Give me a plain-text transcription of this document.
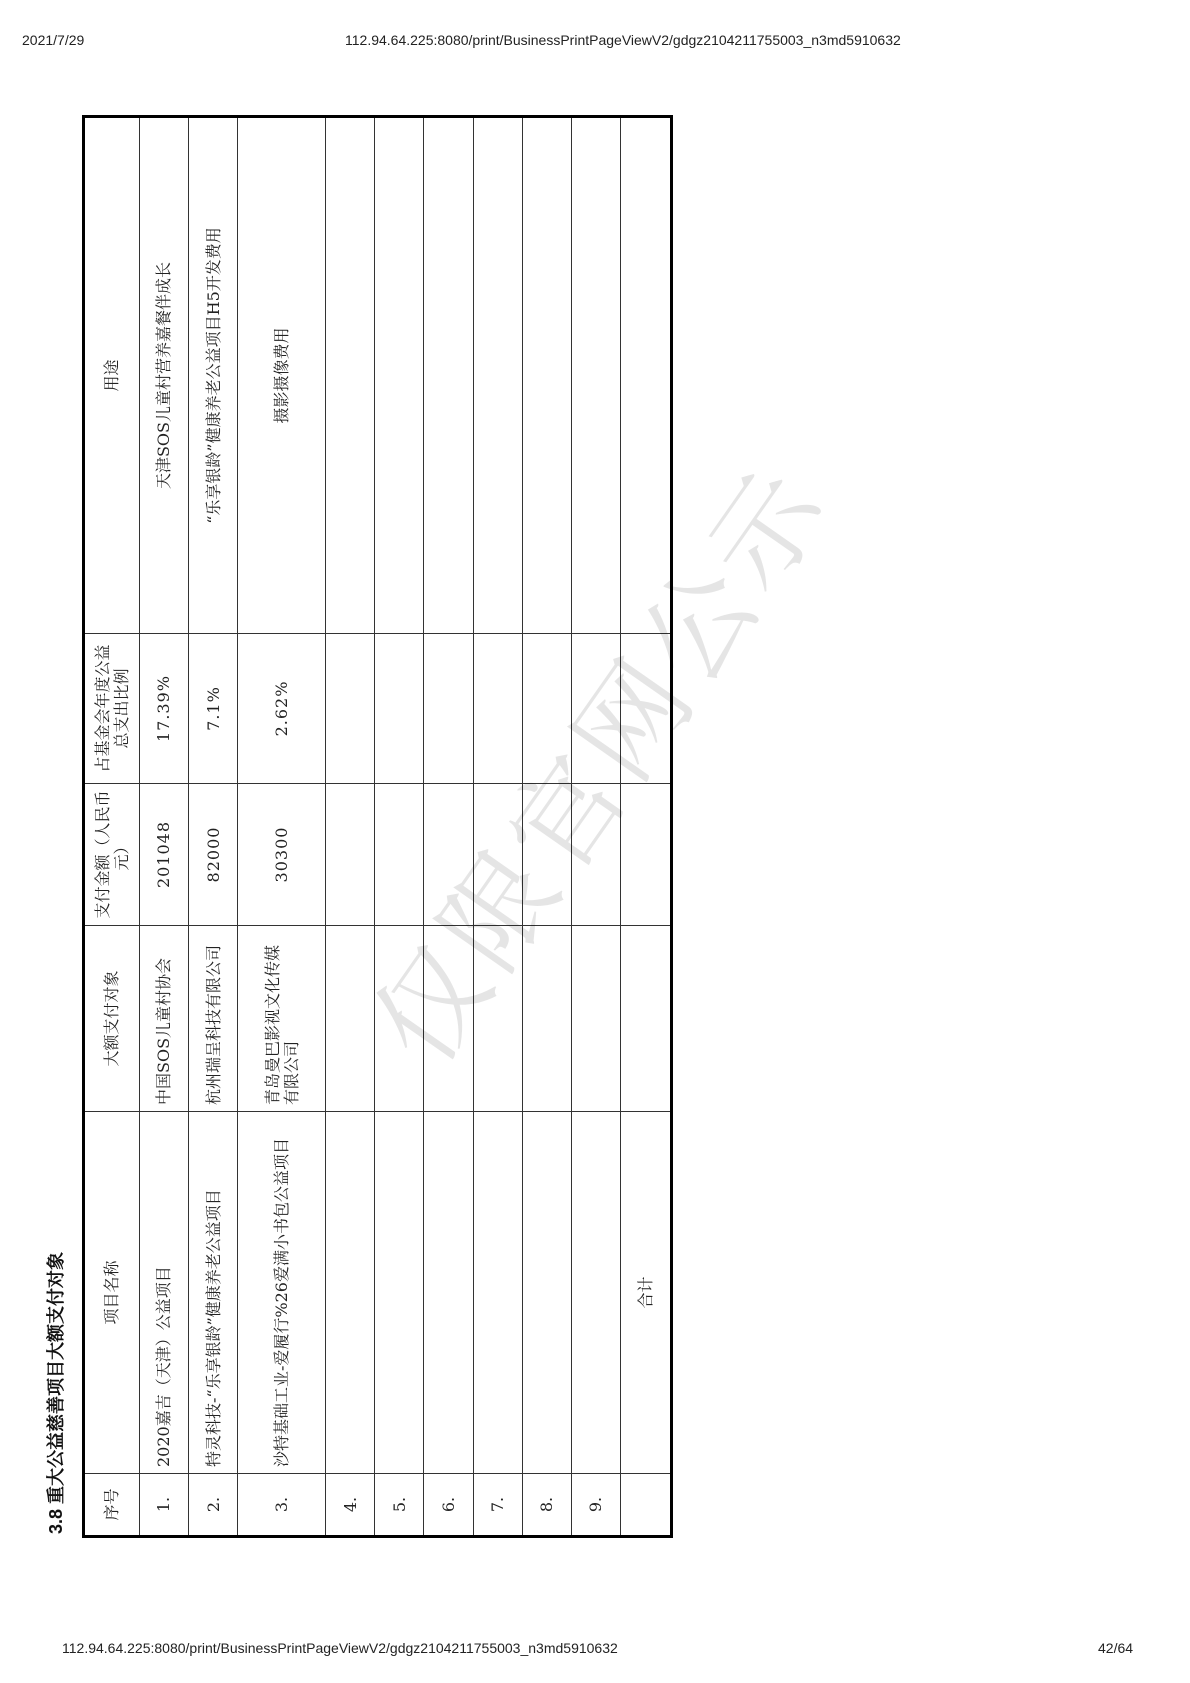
2021/7/29	112.94.64.225:8080/print/BusinessPrintPageViewV2/gdgz2104211755003_n3md5910632
3.8 重大公益慈善项目大额支付对象 序号	项目名称	大额支付对象	支付金额（人民币元）	占基金会年度公益总支出比例	用途
1.	2020嘉吉（天津）公益项目	中国SOS儿童村协会	201048	17.39%	天津SOS儿童村营养嘉餐伴成长
2.	特灵科技-“乐享银龄”健康养老公益项目	杭州瑞呈科技有限公司	82000	7.1%	“乐享银龄”健康养老公益项目H5开发费用
3.	沙特基础工业-爱履行%26爱满小书包公益项目	青岛曼巴影视文化传媒有限公司	30300	2.62%	摄影摄像费用
4.					
5.					
6.					
7.					
8.					
9.					
	合计				
仅限官网公示
112.94.64.225:8080/print/BusinessPrintPageViewV2/gdgz2104211755003_n3md5910632	42/64
